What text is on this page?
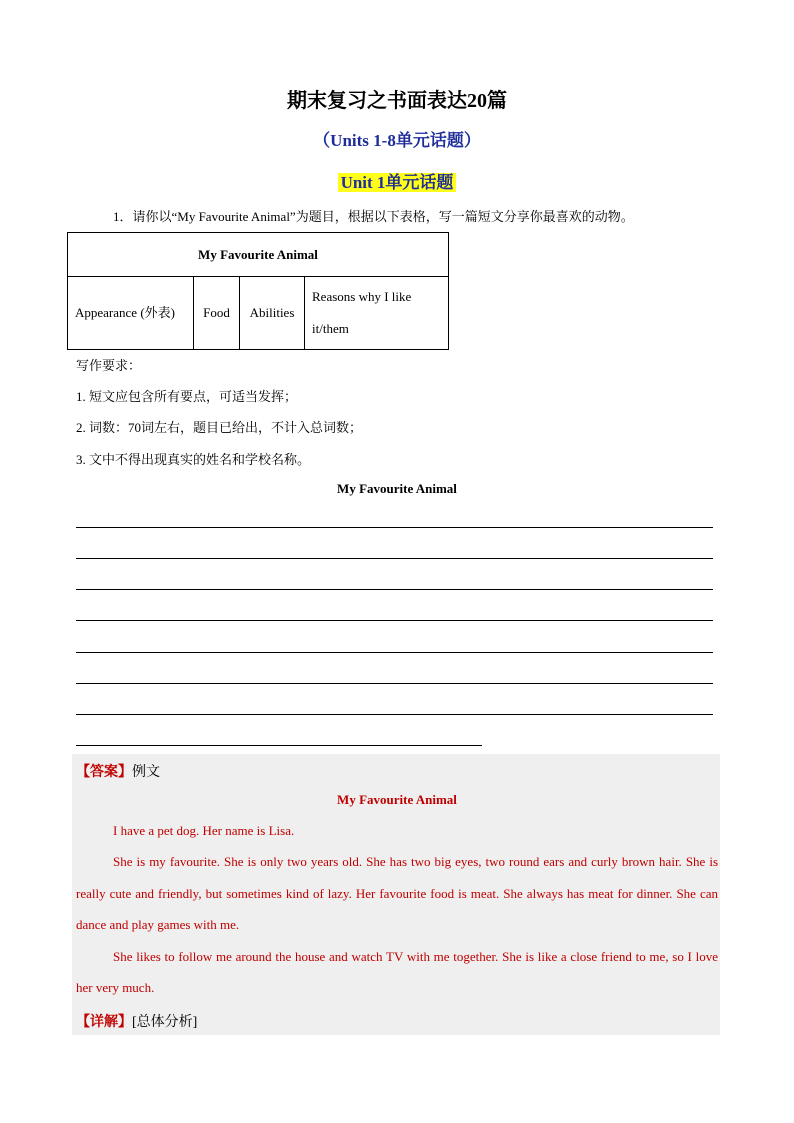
期末复习之书面表达20篇
（Units 1-8单元话题）
Unit 1单元话题
1．请你以“My Favourite Animal”为题目，根据以下表格，写一篇短文分享你最喜欢的动物。
My Favourite Animal
Appearance (外表)	Food	Abilities	Reasons why I like it/them
写作要求：
1. 短文应包含所有要点，可适当发挥；
2. 词数：70词左右，题目已给出，不计入总词数；
3. 文中不得出现真实的姓名和学校名称。
My Favourite Animal
【答案】例文
My Favourite Animal

I have a pet dog. Her name is Lisa.

She is my favourite. She is only two years old. She has two big eyes, two round ears and curly brown hair. She is really cute and friendly, but sometimes kind of lazy. Her favourite food is meat. She always has meat for dinner. She can dance and play games with me.

She likes to follow me around the house and watch TV with me together. She is like a close friend to me, so I love her very much.

【详解】[总体分析]
